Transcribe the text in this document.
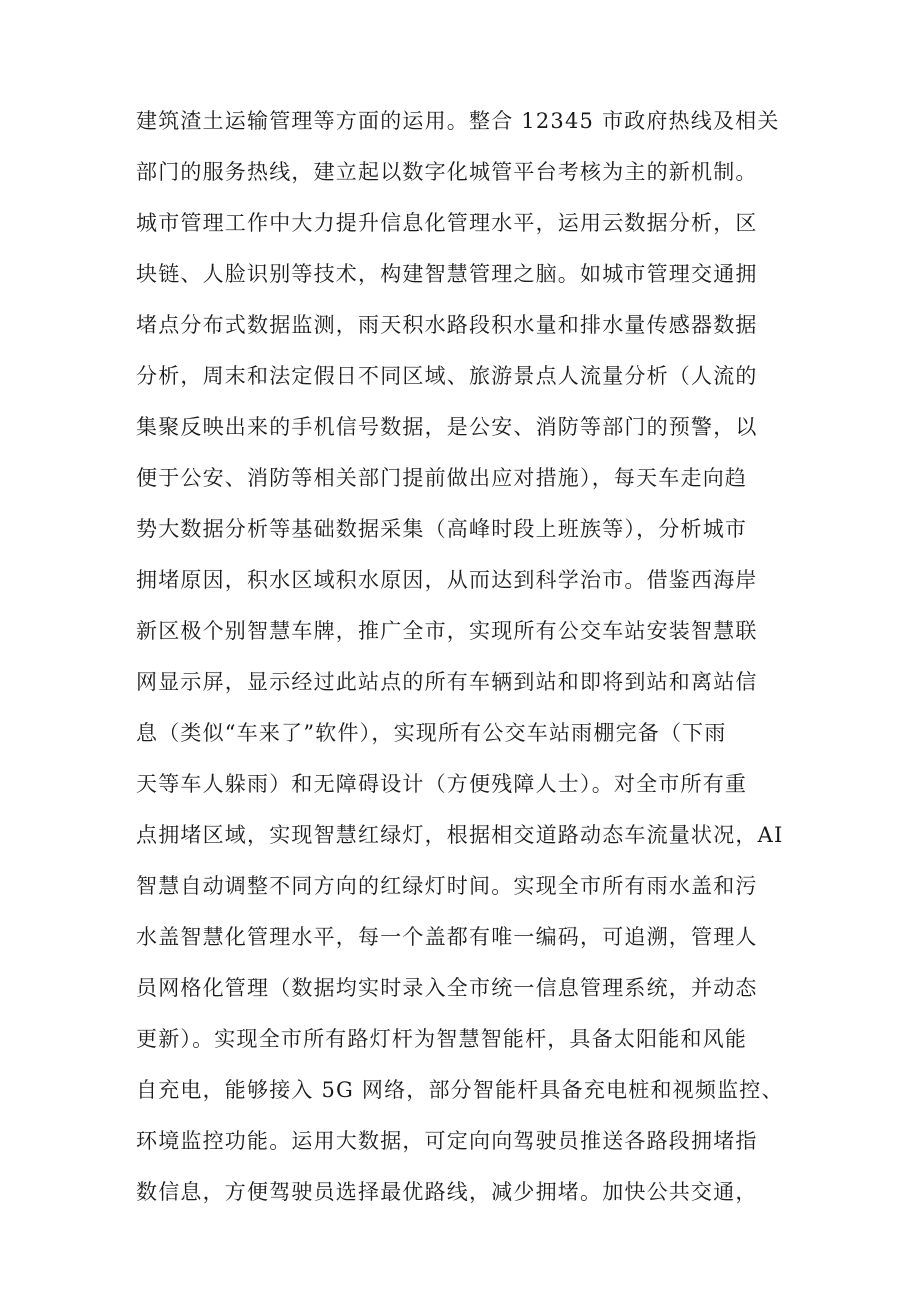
建筑渣土运输管理等方面的运用。整合 12345 市政府热线及相关
部门的服务热线，建立起以数字化城管平台考核为主的新机制。
城市管理工作中大力提升信息化管理水平，运用云数据分析，区
块链、人脸识别等技术，构建智慧管理之脑。如城市管理交通拥
堵点分布式数据监测，雨天积水路段积水量和排水量传感器数据
分析，周末和法定假日不同区域、旅游景点人流量分析（人流的
集聚反映出来的手机信号数据，是公安、消防等部门的预警，以
便于公安、消防等相关部门提前做出应对措施），每天车走向趋
势大数据分析等基础数据采集（高峰时段上班族等），分析城市
拥堵原因，积水区域积水原因，从而达到科学治市。借鉴西海岸
新区极个别智慧车牌，推广全市，实现所有公交车站安装智慧联
网显示屏，显示经过此站点的所有车辆到站和即将到站和离站信
息（类似“车来了”软件），实现所有公交车站雨棚完备（下雨
天等车人躲雨）和无障碍设计（方便残障人士）。对全市所有重
点拥堵区域，实现智慧红绿灯，根据相交道路动态车流量状况，AI
智慧自动调整不同方向的红绿灯时间。实现全市所有雨水盖和污
水盖智慧化管理水平，每一个盖都有唯一编码，可追溯，管理人
员网格化管理（数据均实时录入全市统一信息管理系统，并动态
更新）。实现全市所有路灯杆为智慧智能杆，具备太阳能和风能
自充电，能够接入 5G 网络，部分智能杆具备充电桩和视频监控、
环境监控功能。运用大数据，可定向向驾驶员推送各路段拥堵指
数信息，方便驾驶员选择最优路线，减少拥堵。加快公共交通，
